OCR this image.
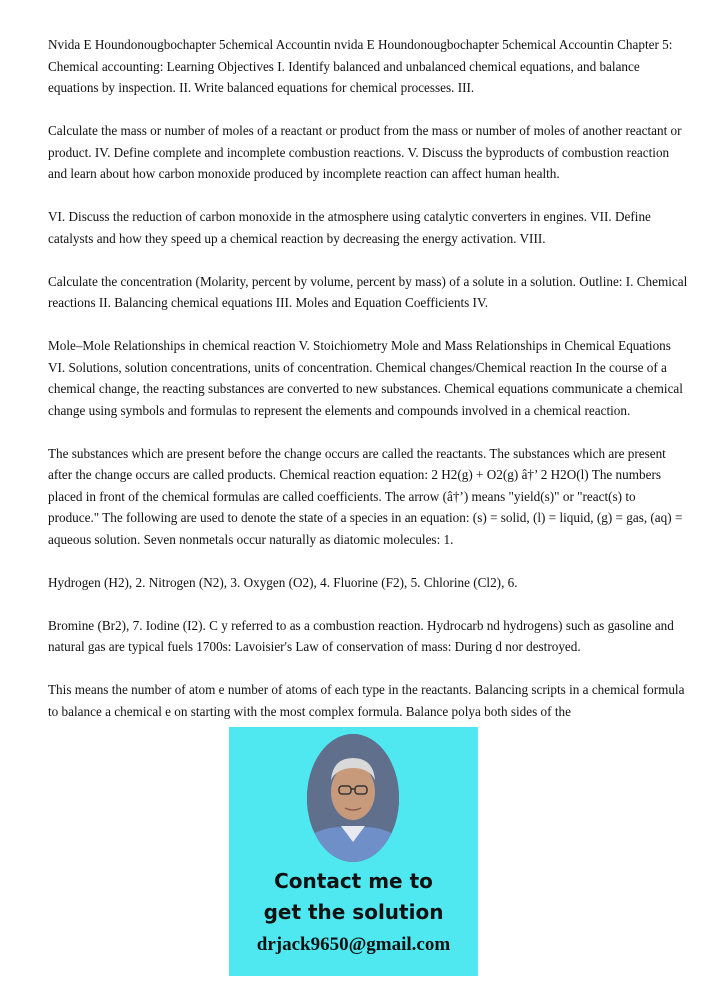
Nvida E Houndonougbochapter 5chemical Accountin nvida E Houndonougbochapter 5chemical Accountin Chapter 5: Chemical accounting: Learning Objectives I. Identify balanced and unbalanced chemical equations, and balance equations by inspection. II. Write balanced equations for chemical processes. III.

Calculate the mass or number of moles of a reactant or product from the mass or number of moles of another reactant or product. IV. Define complete and incomplete combustion reactions. V. Discuss the byproducts of combustion reaction and learn about how carbon monoxide produced by incomplete reaction can affect human health.

VI. Discuss the reduction of carbon monoxide in the atmosphere using catalytic converters in engines. VII. Define catalysts and how they speed up a chemical reaction by decreasing the energy activation. VIII.

Calculate the concentration (Molarity, percent by volume, percent by mass) of a solute in a solution. Outline: I. Chemical reactions II. Balancing chemical equations III. Moles and Equation Coefficients IV.

Mole–Mole Relationships in chemical reaction V. Stoichiometry Mole and Mass Relationships in Chemical Equations VI. Solutions, solution concentrations, units of concentration. Chemical changes/Chemical reaction In the course of a chemical change, the reacting substances are converted to new substances. Chemical equations communicate a chemical change using symbols and formulas to represent the elements and compounds involved in a chemical reaction.

The substances which are present before the change occurs are called the reactants. The substances which are present after the change occurs are called products. Chemical reaction equation: 2 H2(g) + O2(g) â†’ 2 H2O(l) The numbers placed in front of the chemical formulas are called coefficients. The arrow (â†’) means "yield(s)" or "react(s) to produce." The following are used to denote the state of a species in an equation: (s) = solid, (l) = liquid, (g) = gas, (aq) = aqueous solution. Seven nonmetals occur naturally as diatomic molecules: 1.

Hydrogen (H2), 2. Nitrogen (N2), 3. Oxygen (O2), 4. Fluorine (F2), 5. Chlorine (Cl2), 6.

Bromine (Br2), 7. Iodine (I2). C y referred to as a combustion reaction. Hydrocarb nd hydrogens) such as gasoline and natural gas are typical fuels 1700s: Lavoisier's Law of conservation of mass: During d nor destroyed.

This means the number of atom e number of atoms of each type in the reactants. Balancing scripts in a chemical formula to balance a chemical e on starting with the most complex formula. Balance polya both sides of the

Contact me to
get the solution
drjack9650@gmail.com
